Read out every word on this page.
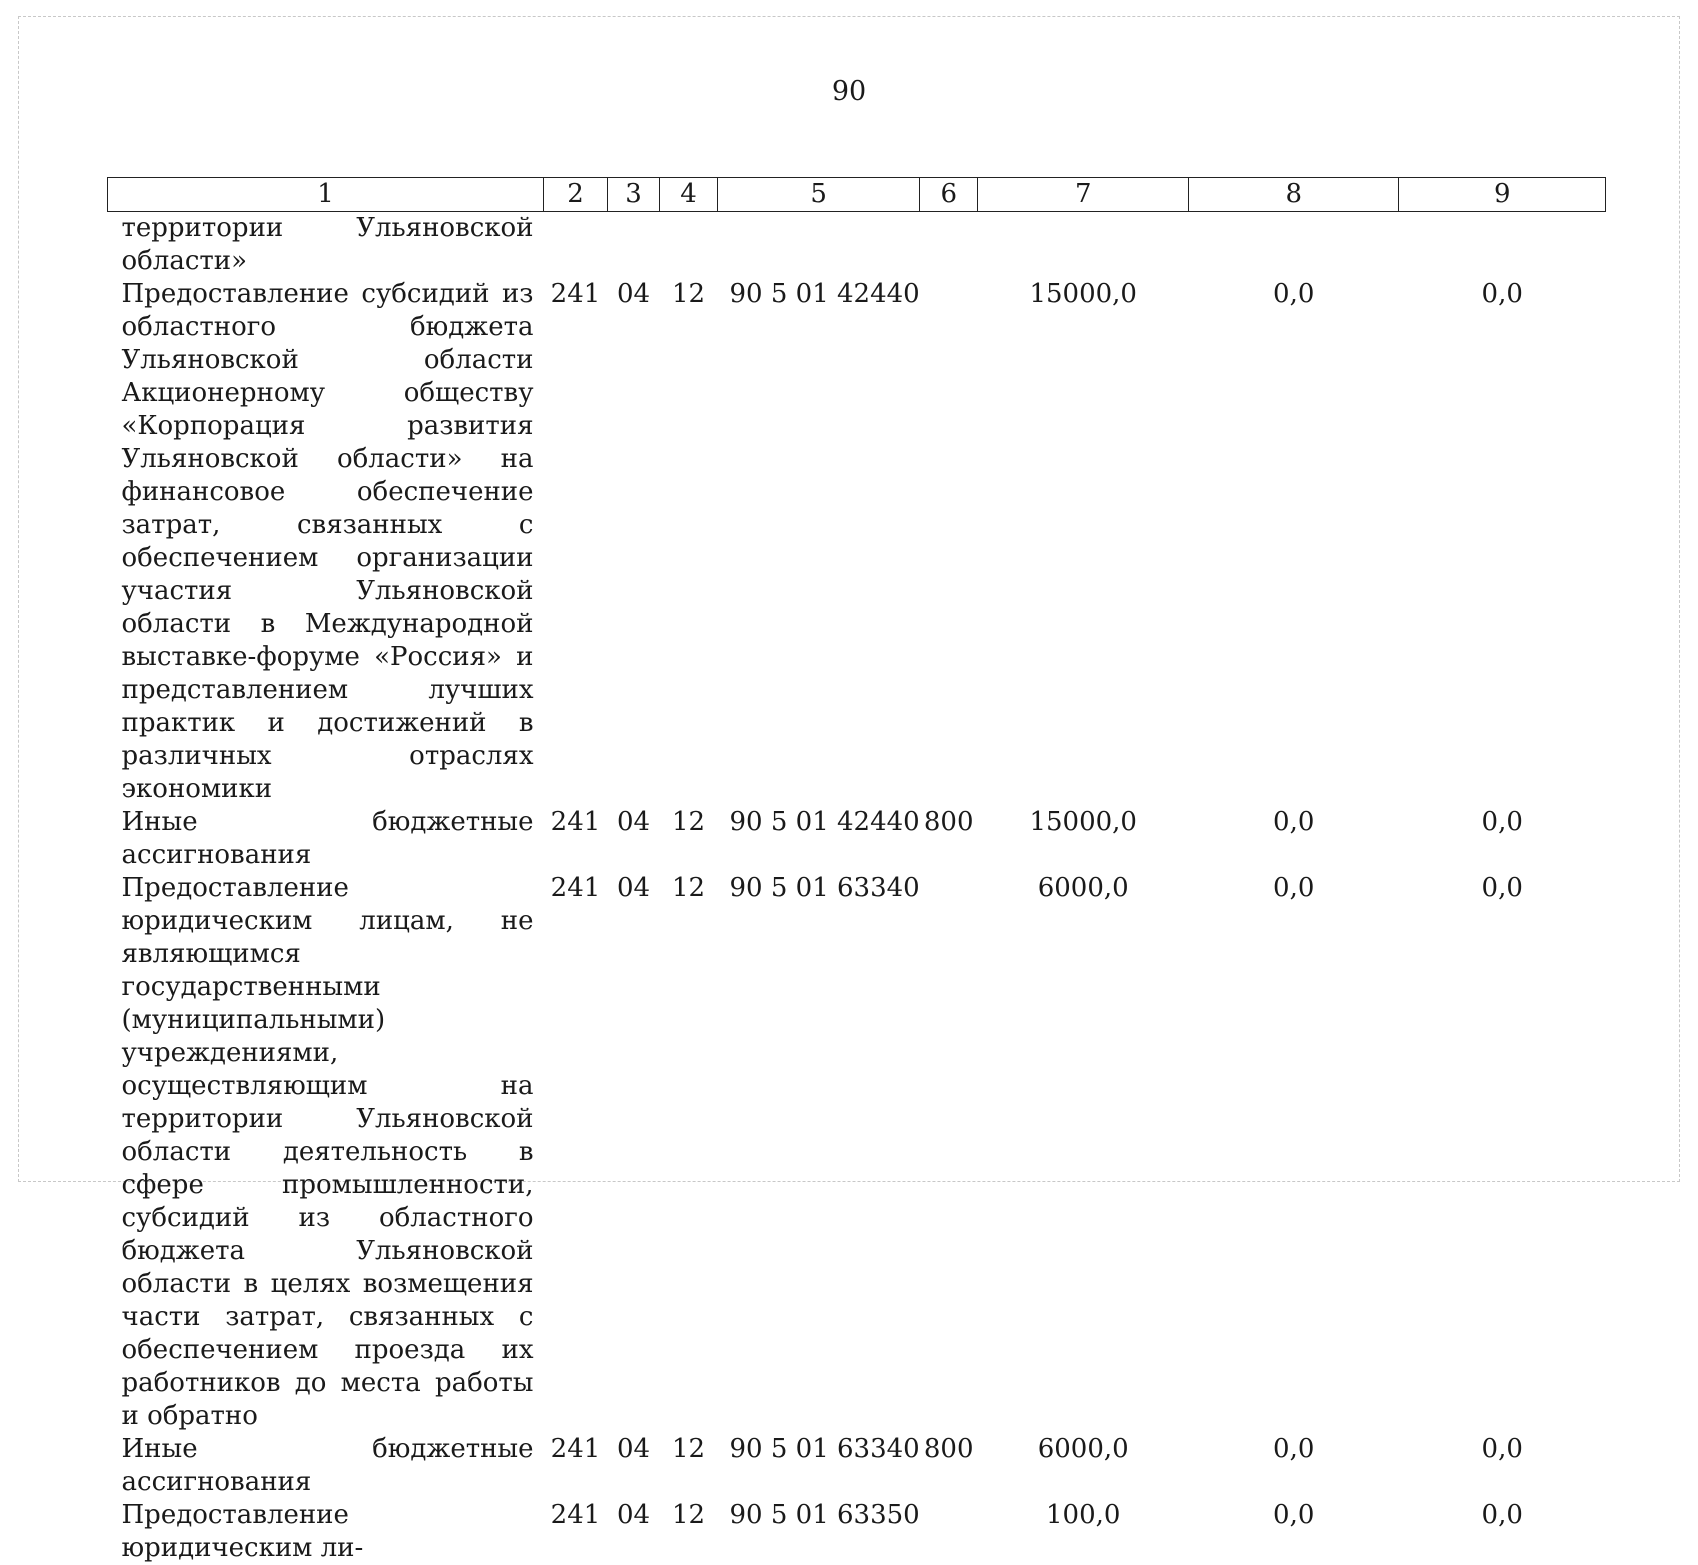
90
1	2	3	4	5	6	7	8	9
территории Ульяновской области»								
Предоставление субсидий из областного бюджета Ульяновской области Акционерному обществу «Корпорация развития Ульяновской области» на финансовое обеспечение затрат, связанных с обеспечением организации участия Ульяновской области в Международной выставке-форуме «Россия» и представлением лучших практик и достижений в различных отраслях экономики	241	04	12	90 5 01 42440		15000,0	0,0	0,0
Иные бюджетные ассигнования	241	04	12	90 5 01 42440	800	15000,0	0,0	0,0
Предоставление юридическим лицам, не являющимся государственными (муниципальными) учреждениями, осуществляющим на территории Ульяновской области деятельность в сфере промышленности, субсидий из областного бюджета Ульяновской области в целях возмещения части затрат, связанных с обеспечением проезда их работников до места работы и обратно	241	04	12	90 5 01 63340		6000,0	0,0	0,0
Иные бюджетные ассигнования	241	04	12	90 5 01 63340	800	6000,0	0,0	0,0
Предоставление юридическим ли-	241	04	12	90 5 01 63350		100,0	0,0	0,0
